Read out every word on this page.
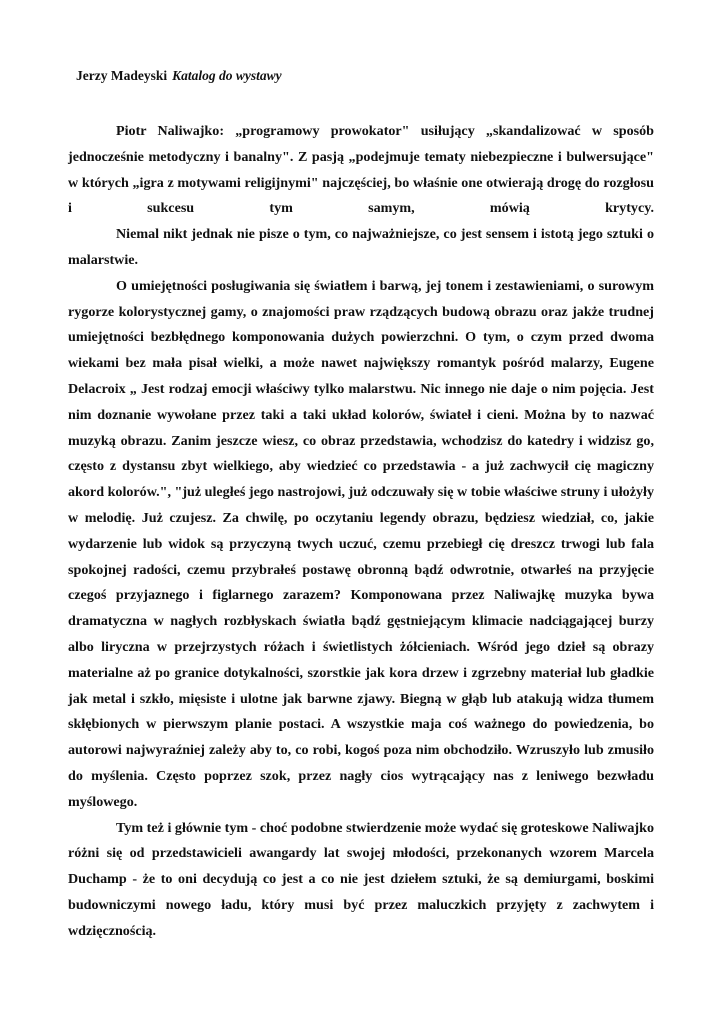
Jerzy Madeyski Katalog do wystawy

Piotr Naliwajko: „programowy prowokator" usiłujący „skandalizować w sposób jednocześnie metodyczny i banalny". Z pasją „podejmuje tematy niebezpieczne i bulwersujące" w których „igra z motywami religijnymi" najczęściej, bo właśnie one otwierają drogę do rozgłosu i sukcesu tym samym, mówią krytycy.

Niemal nikt jednak nie pisze o tym, co najważniejsze, co jest sensem i istotą jego sztuki o malarstwie.

O umiejętności posługiwania się światłem i barwą, jej tonem i zestawieniami, o surowym rygorze kolorystycznej gamy, o znajomości praw rządzących budową obrazu oraz jakże trudnej umiejętności bezbłędnego komponowania dużych powierzchni. O tym, o czym przed dwoma wiekami bez mała pisał wielki, a może nawet największy romantyk pośród malarzy, Eugene Delacroix „ Jest rodzaj emocji właściwy tylko malarstwu. Nic innego nie daje o nim pojęcia. Jest nim doznanie wywołane przez taki a taki układ kolorów, świateł i cieni. Można by to nazwać muzyką obrazu. Zanim jeszcze wiesz, co obraz przedstawia, wchodzisz do katedry i widzisz go, często z dystansu zbyt wielkiego, aby wiedzieć co przedstawia - a już zachwycił cię magiczny akord kolorów.", "już uległeś jego nastrojowi, już odczuwały się w tobie właściwe struny i ułożyły w melodię. Już czujesz. Za chwilę, po oczytaniu legendy obrazu, będziesz wiedział, co, jakie wydarzenie lub widok są przyczyną twych uczuć, czemu przebiegł cię dreszcz trwogi lub fala spokojnej radości, czemu przybrałeś postawę obronną bądź odwrotnie, otwarłeś na przyjęcie czegoś przyjaznego i figlarnego zarazem? Komponowana przez Naliwajkę muzyka bywa dramatyczna w nagłych rozbłyskach światła bądź gęstniejącym klimacie nadciągającej burzy albo liryczna w przejrzystych różach i świetlistych żółcieniach. Wśród jego dzieł są obrazy materialne aż po granice dotykalności, szorstkie jak kora drzew i zgrzebny materiał lub gładkie jak metal i szkło, mięsiste i ulotne jak barwne zjawy. Biegną w głąb lub atakują widza tłumem skłębionych w pierwszym planie postaci. A wszystkie maja coś ważnego do powiedzenia, bo autorowi najwyraźniej zależy aby to, co robi, kogoś poza nim obchodziło. Wzruszyło lub zmusiło do myślenia. Często poprzez szok, przez nagły cios wytrącający nas z leniwego bezwładu myślowego.

Tym też i głównie tym - choć podobne stwierdzenie może wydać się groteskowe Naliwajko różni się od przedstawicieli awangardy lat swojej młodości, przekonanych wzorem Marcela Duchamp - że to oni decydują co jest a co nie jest dziełem sztuki, że są demiurgami, boskimi budowniczymi nowego ładu, który musi być przez maluczkich przyjęty z zachwytem i wdzięcznością.
